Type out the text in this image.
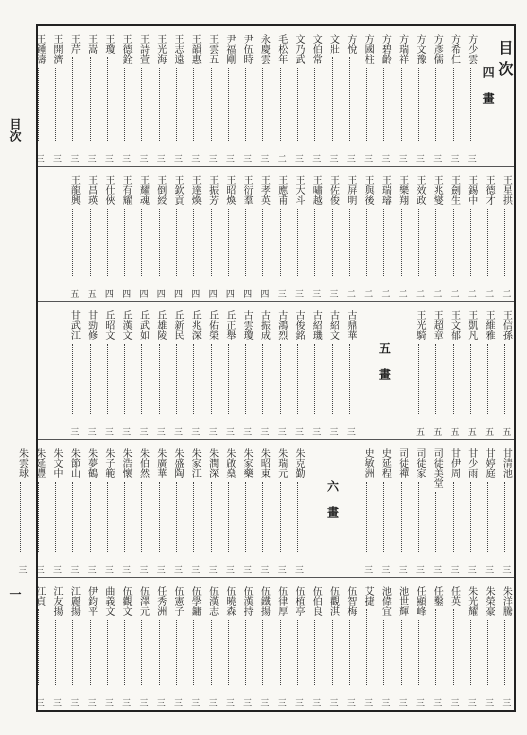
目次
一
目次
四畫
方少雲
三
方希仁
三
方彥儒
三
方文豫
三
方瑞祥
三
方碧齡
三
方國柱
三
方悅
三
文壯
三
文伯常
三
文乃武
三
毛松年
二
永慶雲
三
尹伍時
三
尹福剛
三
王雲五
三
王韻惠
三
王志遠
三
王光海
三
王詩萱
三
王德銓
三
王瓊
三
王嵩
三
王芹
三
王開濟
三
王鍾濤
三
王星拱
二
王德才
二
王錫中
二
王劍生
二
王兆燮
二
王效政
二
王樂翔
二
王瑞璿
二
王與後
二
王屏明
二
王佐俊
三
王嘯越
三
王大斗
三
王應甫
三
王孝英
四
王衍羣
四
王昭煥
四
王振芳
四
王達煥
四
王欽貢
四
王倒綬
四
王耀魂
四
王有耀
四
王仕俠
四
王昌瑛
五
王龍興
五
王信孫
五
王維雅
五
王凱凡
五
王文郁
五
王超章
五
王光騎
五
五畫
古鼎華
三
古紹文
三
古紹璣
三
古俊銘
三
古鴻烈
三
古振成
三
古雲瓊
三
丘正舉
三
丘佑榮
三
丘兆深
三
丘新民
三
丘雄陵
三
丘武如
三
丘漢文
三
丘昭文
三
甘勁修
三
甘武江
三
甘清池
三
甘婷庭
三
甘少雨
三
甘伊周
三
司徒美堂
三
司徒家
三
司徒禪
三
史延程
三
史敏洲
三
六畫
朱克勤
三
朱瑞元
三
朱昭東
三
朱家藥
三
朱啟燊
三
朱潤深
三
朱家江
三
朱盛陶
三
朱廣華
三
朱伯然
三
朱浩懷
三
朱子範
三
朱夢鶴
三
朱節山
三
朱文中
三
朱延豐
三
朱雲球
三
朱洋騰
三
朱榮豪
三
朱光耀
三
任英
三
任鑿
三
任顯峰
三
池世輝
三
池偉宜
三
艾捷
三
伍智梅
三
伍觀淇
三
伍伯良
三
伍植亭
三
伍律厚
三
伍鐵揚
三
伍漢持
三
伍曉森
三
伍漢志
三
伍學鏞
三
伍憲子
三
任秀洲
三
伍澤元
三
伍觀文
三
曲義文
三
伊鈞平
三
江麗揚
三
江友揚
三
江貞
三
